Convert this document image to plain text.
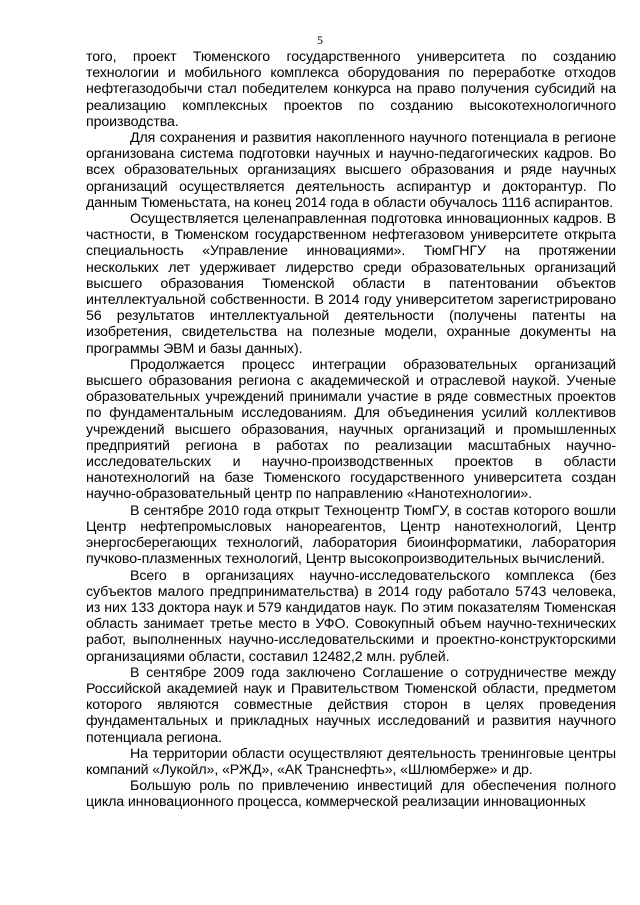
5

того, проект Тюменского государственного университета по созданию технологии и мобильного комплекса оборудования по переработке отходов нефтегазодобычи стал победителем конкурса на право получения субсидий на реализацию комплексных проектов по созданию высокотехнологичного производства.

Для сохранения и развития накопленного научного потенциала в регионе организована система подготовки научных и научно-педагогических кадров. Во всех образовательных организациях высшего образования и ряде научных организаций осуществляется деятельность аспирантур и докторантур. По данным Тюменьстата, на конец 2014 года в области обучалось 1116 аспирантов.

Осуществляется целенаправленная подготовка инновационных кадров. В частности, в Тюменском государственном нефтегазовом университете открыта специальность «Управление инновациями». ТюмГНГУ на протяжении нескольких лет удерживает лидерство среди образовательных организаций высшего образования Тюменской области в патентовании объектов интеллектуальной собственности. В 2014 году университетом зарегистрировано 56 результатов интеллектуальной деятельности (получены патенты на изобретения, свидетельства на полезные модели, охранные документы на программы ЭВМ и базы данных).

Продолжается процесс интеграции образовательных организаций высшего образования региона с академической и отраслевой наукой. Ученые образовательных учреждений принимали участие в ряде совместных проектов по фундаментальным исследованиям. Для объединения усилий коллективов учреждений высшего образования, научных организаций и промышленных предприятий региона в работах по реализации масштабных научно-исследовательских и научно-производственных проектов в области нанотехнологий на базе Тюменского государственного университета создан научно-образовательный центр по направлению «Нанотехнологии».

В сентябре 2010 года открыт Техноцентр ТюмГУ, в состав которого вошли Центр нефтепромысловых нанореагентов, Центр нанотехнологий, Центр энергосберегающих технологий, лаборатория биоинформатики, лаборатория пучково-плазменных технологий, Центр высокопроизводительных вычислений.

Всего в организациях научно-исследовательского комплекса (без субъектов малого предпринимательства) в 2014 году работало 5743 человека, из них 133 доктора наук и 579 кандидатов наук. По этим показателям Тюменская область занимает третье место в УФО. Совокупный объем научно-технических работ, выполненных научно-исследовательскими и проектно-конструкторскими организациями области, составил 12482,2 млн. рублей.

В сентябре 2009 года заключено Соглашение о сотрудничестве между Российской академией наук и Правительством Тюменской области, предметом которого являются совместные действия сторон в целях проведения фундаментальных и прикладных научных исследований и развития научного потенциала региона.

На территории области осуществляют деятельность тренинговые центры компаний «Лукойл», «РЖД», «АК Транснефть», «Шлюмберже» и др.

Большую роль по привлечению инвестиций для обеспечения полного цикла инновационного процесса, коммерческой реализации инновационных
